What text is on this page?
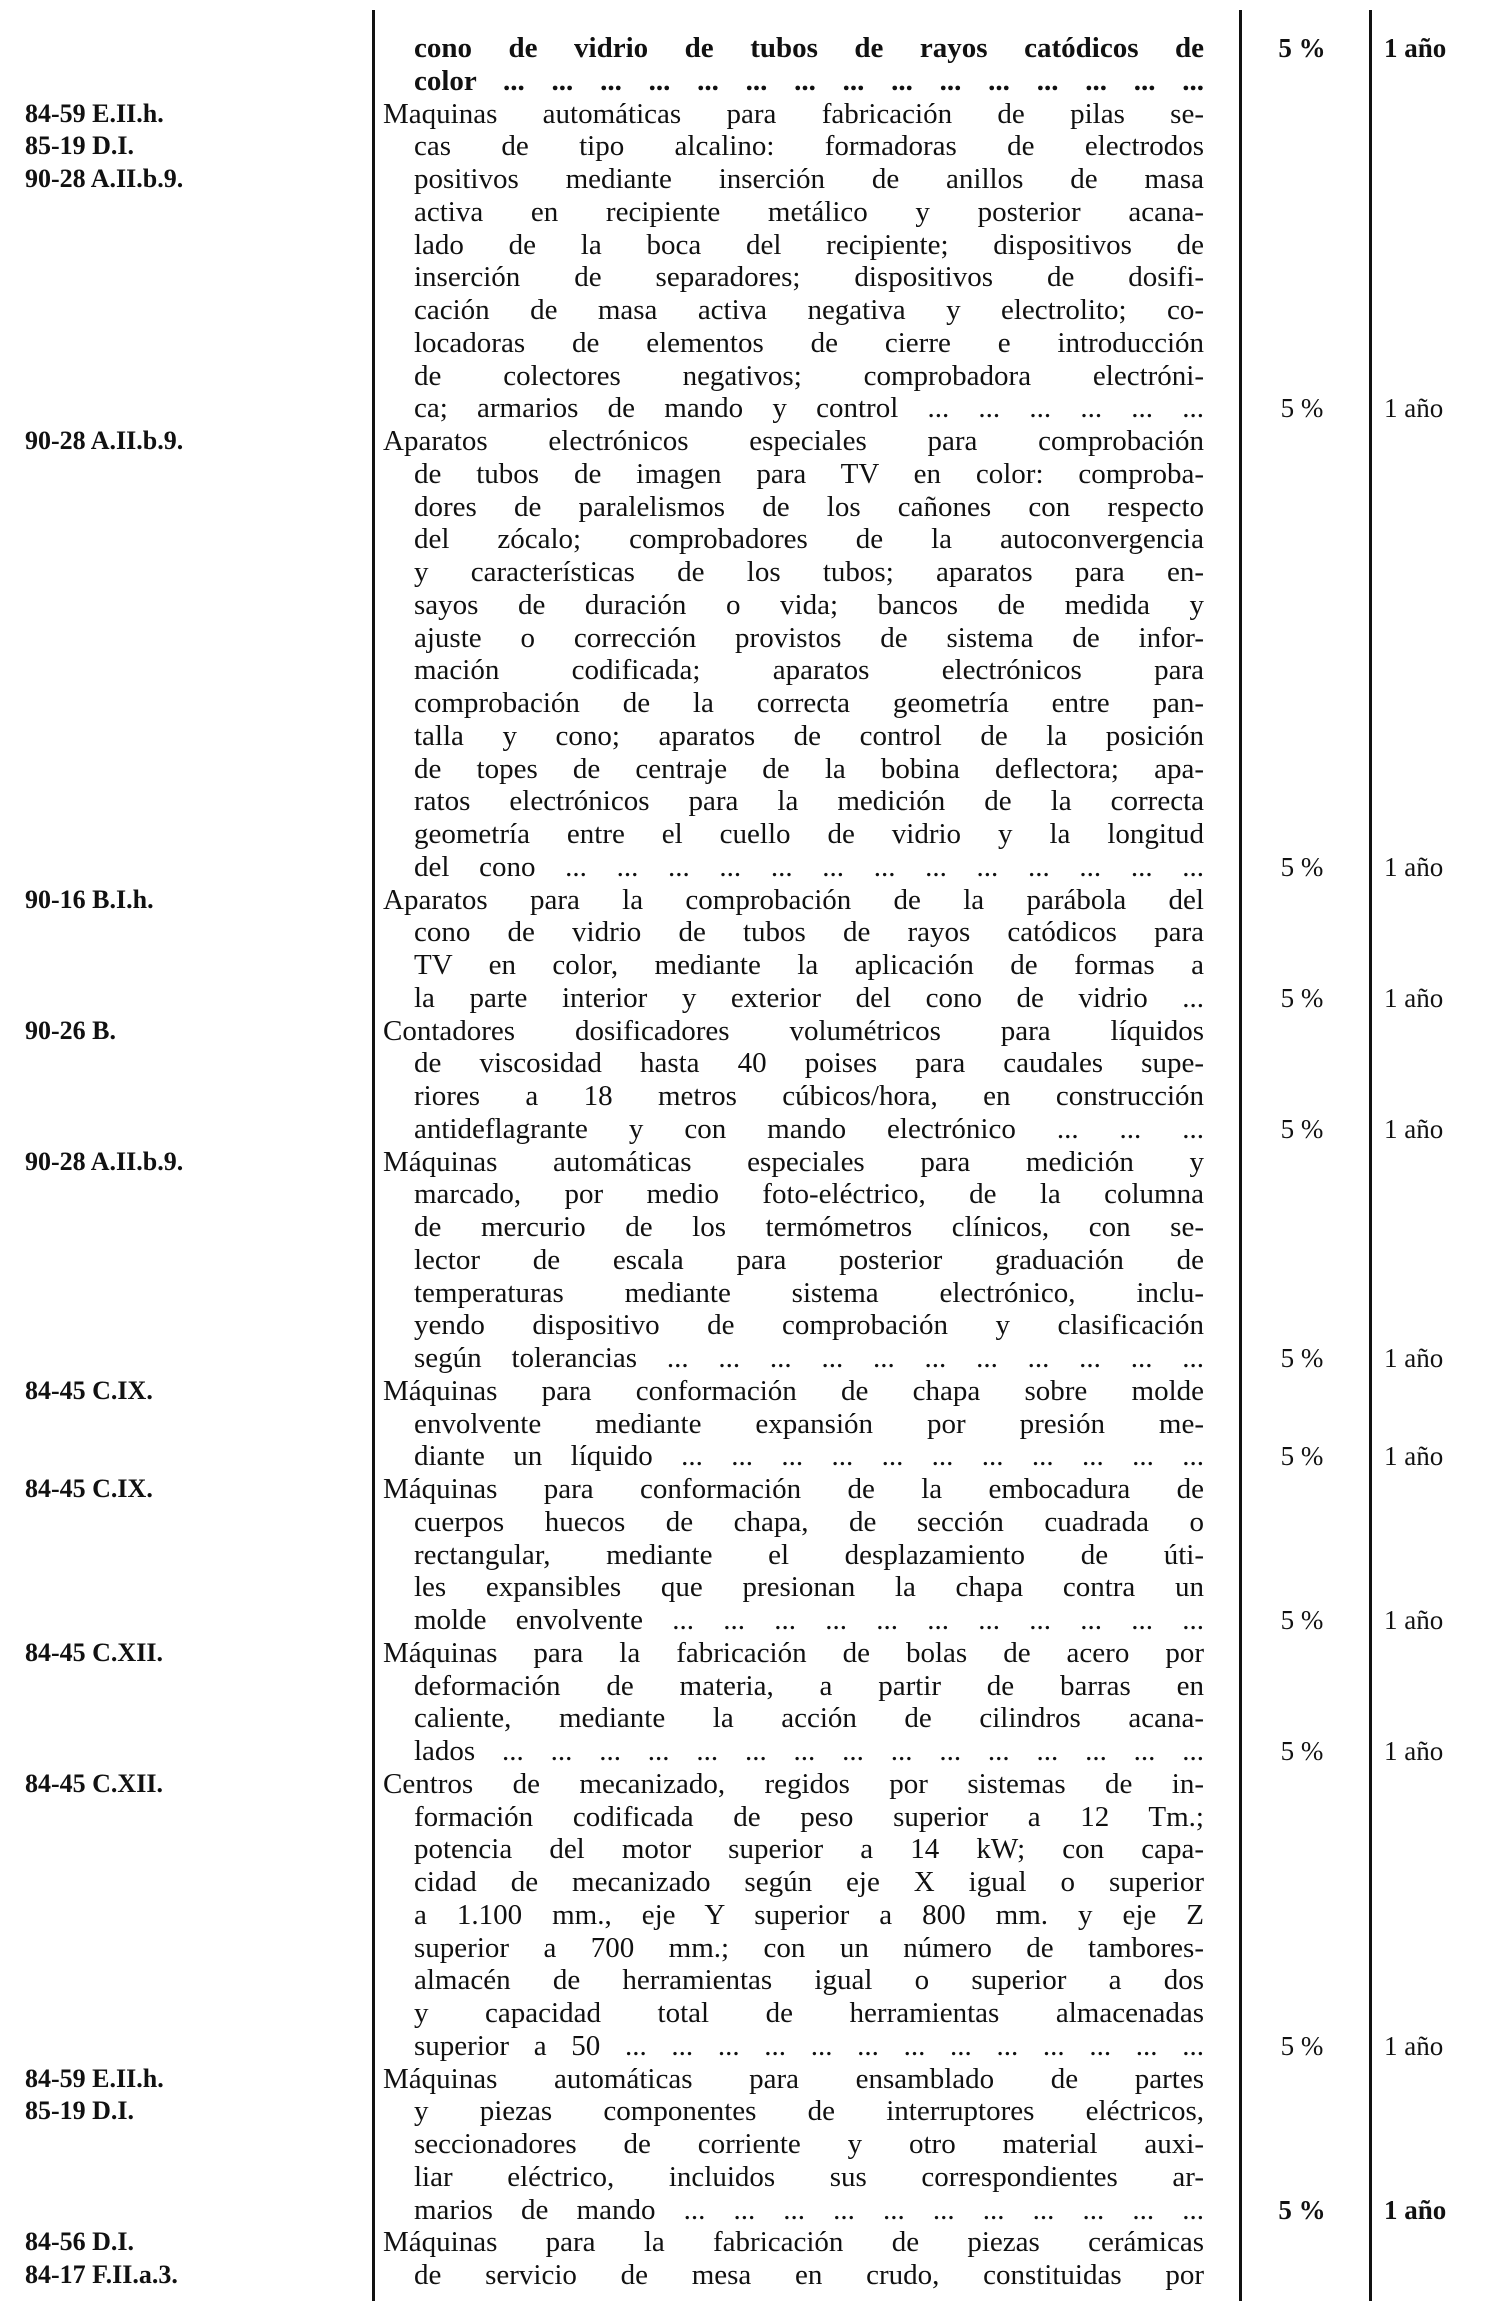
cono de vidrio de tubos de rayos catódicos de	5 %	1 año
color ... ... ... ... ... ... ... ... ... ... ... ... ... ... ...
84-59 E.II.h.	Maquinas automáticas para fabricación de pilas se-
85-19 D.I.	cas de tipo alcalino: formadoras de electrodos
90-28 A.II.b.9.	positivos mediante inserción de anillos de masa
activa en recipiente metálico y posterior acana-
lado de la boca del recipiente; dispositivos de
inserción de separadores; dispositivos de dosifi-
cación de masa activa negativa y electrolito; co-
locadoras de elementos de cierre e introducción
de colectores negativos; comprobadora electróni-
ca; armarios de mando y control ... ... ... ... ... ...	5 %	1 año
90-28 A.II.b.9.	Aparatos electrónicos especiales para comprobación
de tubos de imagen para TV en color: comproba-
dores de paralelismos de los cañones con respecto
del zócalo; comprobadores de la autoconvergencia
y características de los tubos; aparatos para en-
sayos de duración o vida; bancos de medida y
ajuste o corrección provistos de sistema de infor-
mación codificada; aparatos electrónicos para
comprobación de la correcta geometría entre pan-
talla y cono; aparatos de control de la posición
de topes de centraje de la bobina deflectora; apa-
ratos electrónicos para la medición de la correcta
geometría entre el cuello de vidrio y la longitud
del cono ... ... ... ... ... ... ... ... ... ... ... ... ...	5 %	1 año
90-16 B.I.h.	Aparatos para la comprobación de la parábola del
cono de vidrio de tubos de rayos catódicos para
TV en color, mediante la aplicación de formas a
la parte interior y exterior del cono de vidrio ...	5 %	1 año
90-26 B.	Contadores dosificadores volumétricos para líquidos
de viscosidad hasta 40 poises para caudales supe-
riores a 18 metros cúbicos/hora, en construcción
antideflagrante y con mando electrónico ... ... ...	5 %	1 año
90-28 A.II.b.9.	Máquinas automáticas especiales para medición y
marcado, por medio foto-eléctrico, de la columna
de mercurio de los termómetros clínicos, con se-
lector de escala para posterior graduación de
temperaturas mediante sistema electrónico, inclu-
yendo dispositivo de comprobación y clasificación
según tolerancias ... ... ... ... ... ... ... ... ... ... ...	5 %	1 año
84-45 C.IX.	Máquinas para conformación de chapa sobre molde
envolvente mediante expansión por presión me-
diante un líquido ... ... ... ... ... ... ... ... ... ... ...	5 %	1 año
84-45 C.IX.	Máquinas para conformación de la embocadura de
cuerpos huecos de chapa, de sección cuadrada o
rectangular, mediante el desplazamiento de úti-
les expansibles que presionan la chapa contra un
molde envolvente ... ... ... ... ... ... ... ... ... ... ...	5 %	1 año
84-45 C.XII.	Máquinas para la fabricación de bolas de acero por
deformación de materia, a partir de barras en
caliente, mediante la acción de cilindros acana-
lados ... ... ... ... ... ... ... ... ... ... ... ... ... ... ...	5 %	1 año
84-45 C.XII.	Centros de mecanizado, regidos por sistemas de in-
formación codificada de peso superior a 12 Tm.;
potencia del motor superior a 14 kW; con capa-
cidad de mecanizado según eje X igual o superior
a 1.100 mm., eje Y superior a 800 mm. y eje Z
superior a 700 mm.; con un número de tambores-
almacén de herramientas igual o superior a dos
y capacidad total de herramientas almacenadas
superior a 50 ... ... ... ... ... ... ... ... ... ... ... ... ...	5 %	1 año
84-59 E.II.h.	Máquinas automáticas para ensamblado de partes
85-19 D.I.	y piezas componentes de interruptores eléctricos,
seccionadores de corriente y otro material auxi-
liar eléctrico, incluidos sus correspondientes ar-
marios de mando ... ... ... ... ... ... ... ... ... ... ...	5 %	1 año
84-56 D.I.	Máquinas para la fabricación de piezas cerámicas
84-17 F.II.a.3.	de servicio de mesa en crudo, constituidas por
